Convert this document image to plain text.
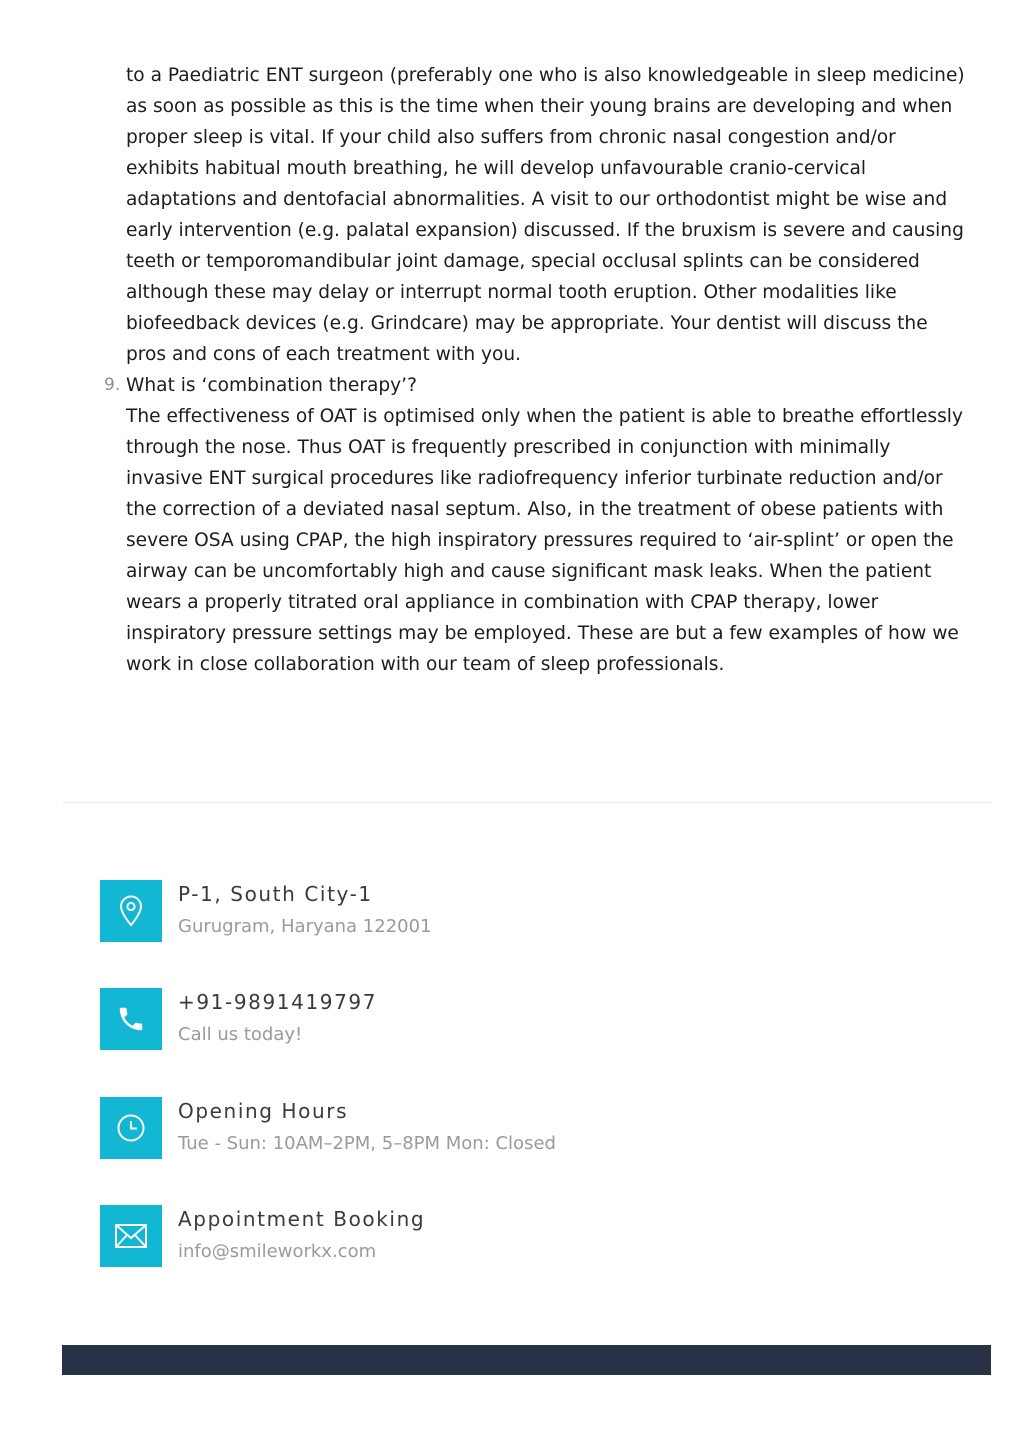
to a Paediatric ENT surgeon (preferably one who is also knowledgeable in sleep medicine) as soon as possible as this is the time when their young brains are developing and when proper sleep is vital. If your child also suffers from chronic nasal congestion and/or exhibits habitual mouth breathing, he will develop unfavourable cranio-cervical adaptations and dentofacial abnormalities. A visit to our orthodontist might be wise and early intervention (e.g. palatal expansion) discussed. If the bruxism is severe and causing teeth or temporomandibular joint damage, special occlusal splints can be considered although these may delay or interrupt normal tooth eruption. Other modalities like biofeedback devices (e.g. Grindcare) may be appropriate. Your dentist will discuss the pros and cons of each treatment with you.

9. What is ‘combination therapy’?

The effectiveness of OAT is optimised only when the patient is able to breathe effortlessly through the nose. Thus OAT is frequently prescribed in conjunction with minimally invasive ENT surgical procedures like radiofrequency inferior turbinate reduction and/or the correction of a deviated nasal septum. Also, in the treatment of obese patients with severe OSA using CPAP, the high inspiratory pressures required to ‘air-splint’ or open the airway can be uncomfortably high and cause significant mask leaks. When the patient wears a properly titrated oral appliance in combination with CPAP therapy, lower inspiratory pressure settings may be employed. These are but a few examples of how we work in close collaboration with our team of sleep professionals.

P-1, South City-1
Gurugram, Haryana 122001
+91-9891419797
Call us today!
Opening Hours
Tue - Sun: 10AM–2PM, 5–8PM Mon: Closed
Appointment Booking
info@smileworkx.com
